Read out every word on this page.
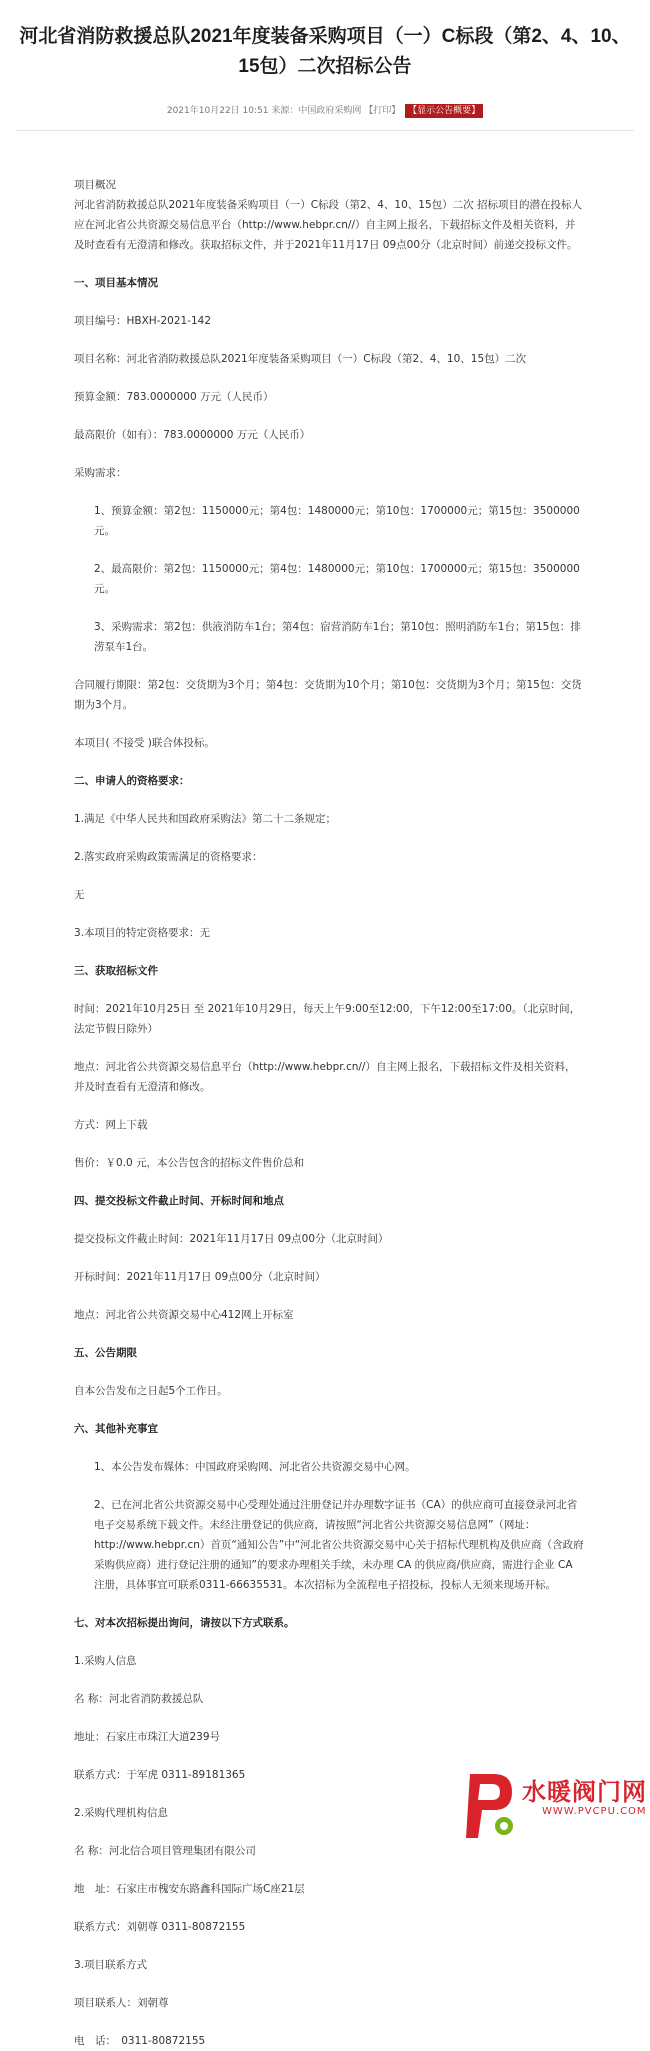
河北省消防救援总队2021年度装备采购项目（一）C标段（第2、4、10、15包）二次招标公告
2021年10月22日 10:51 来源：中国政府采购网 【打印】 【显示公告概要】

项目概况

河北省消防救援总队2021年度装备采购项目（一）C标段（第2、4、10、15包）二次 招标项目的潜在投标人应在河北省公共资源交易信息平台（http://www.hebpr.cn//）自主网上报名，下载招标文件及相关资料，并及时查看有无澄清和修改。获取招标文件，并于2021年11月17日 09点00分（北京时间）前递交投标文件。

一、项目基本情况

项目编号：HBXH-2021-142

项目名称：河北省消防救援总队2021年度装备采购项目（一）C标段（第2、4、10、15包）二次

预算金额：783.0000000 万元（人民币）

最高限价（如有）：783.0000000 万元（人民币）

采购需求：

1、预算金额：第2包：1150000元；第4包：1480000元；第10包：1700000元；第15包：3500000元。

2、最高限价：第2包：1150000元；第4包：1480000元；第10包：1700000元；第15包：3500000元。

3、采购需求：第2包：供液消防车1台；第4包：宿营消防车1台；第10包：照明消防车1台；第15包：排涝泵车1台。

合同履行期限：第2包：交货期为3个月；第4包：交货期为10个月；第10包：交货期为3个月；第15包：交货期为3个月。

本项目( 不接受 )联合体投标。

二、申请人的资格要求：

1.满足《中华人民共和国政府采购法》第二十二条规定；

2.落实政府采购政策需满足的资格要求：

无

3.本项目的特定资格要求：无

三、获取招标文件

时间：2021年10月25日 至 2021年10月29日，每天上午9:00至12:00，下午12:00至17:00。（北京时间，法定节假日除外）

地点：河北省公共资源交易信息平台（http://www.hebpr.cn//）自主网上报名，下载招标文件及相关资料，并及时查看有无澄清和修改。

方式：网上下载

售价：￥0.0 元，本公告包含的招标文件售价总和

四、提交投标文件截止时间、开标时间和地点

提交投标文件截止时间：2021年11月17日 09点00分（北京时间）

开标时间：2021年11月17日 09点00分（北京时间）

地点：河北省公共资源交易中心412网上开标室

五、公告期限

自本公告发布之日起5个工作日。

六、其他补充事宜

1、本公告发布媒体：中国政府采购网、河北省公共资源交易中心网。

2、已在河北省公共资源交易中心受理处通过注册登记并办理数字证书（CA）的供应商可直接登录河北省电子交易系统下载文件。未经注册登记的供应商，请按照“河北省公共资源交易信息网”（网址：http://www.hebpr.cn）首页“通知公告”中“河北省公共资源交易中心关于招标代理机构及供应商（含政府采购供应商）进行登记注册的通知”的要求办理相关手续，未办理 CA 的供应商/供应商，需进行企业 CA 注册，具体事宜可联系0311-66635531。本次招标为全流程电子招投标，投标人无须来现场开标。

七、对本次招标提出询问，请按以下方式联系。

1.采购人信息

名 称：河北省消防救援总队

地址：石家庄市珠江大道239号

联系方式：于军虎 0311-89181365

2.采购代理机构信息

名 称：河北信合项目管理集团有限公司

地　址：石家庄市槐安东路鑫科国际广场C座21层

联系方式：刘朝尊 0311-80872155

3.项目联系方式

项目联系人：刘朝尊

电　话：　0311-80872155

水暖阀门网
WWW.PVCPU.COM
